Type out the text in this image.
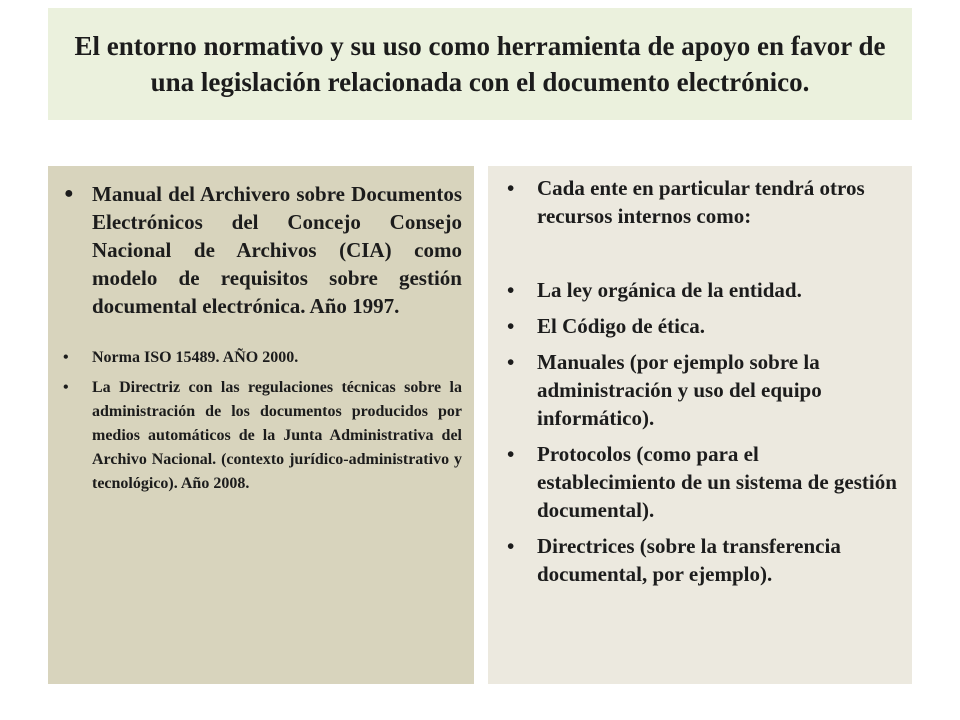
El entorno normativo y su uso como herramienta de apoyo en favor de una legislación relacionada con el documento electrónico.
● Manual del Archivero sobre Documentos Electrónicos del Concejo Consejo Nacional de Archivos (CIA) como modelo de requisitos sobre gestión documental electrónica. Año 1997.
• Norma ISO 15489. AÑO 2000.
• La Directriz con las regulaciones técnicas sobre la administración de los documentos producidos por medios automáticos de la Junta Administrativa del Archivo Nacional. (contexto jurídico-administrativo y tecnológico). Año 2008.
• Cada ente en particular tendrá otros recursos internos como:
• La ley orgánica de la entidad.
• El Código de ética.
• Manuales (por ejemplo sobre la administración y uso del equipo informático).
• Protocolos (como para el establecimiento de un sistema de gestión documental).
• Directrices (sobre la transferencia documental, por ejemplo).
